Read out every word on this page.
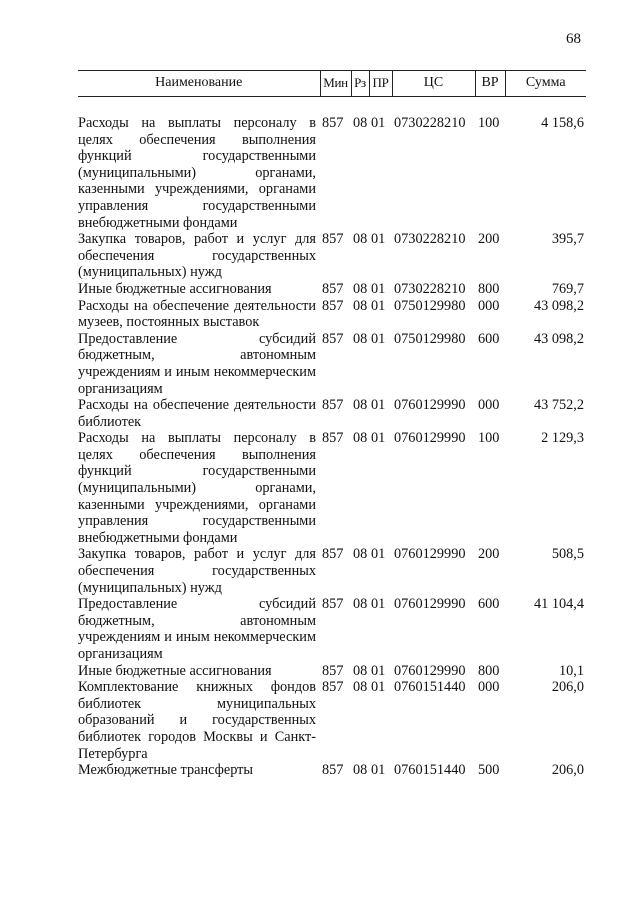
68
Наименование	Мин	Рз	ПР	ЦС	ВР	Сумма

Расходы на выплаты персоналу в целях обеспечения выполнения функций государственными (муниципальными) органами, казенными учреждениями, органами управления государственными внебюджетными фондами	857	08	01	0730228210	100	4 158,6
Закупка товаров, работ и услуг для обеспечения государственных (муниципальных) нужд	857	08	01	0730228210	200	395,7
Иные бюджетные ассигнования	857	08	01	0730228210	800	769,7
Расходы на обеспечение деятельности музеев, постоянных выставок	857	08	01	0750129980	000	43 098,2
Предоставление субсидий бюджетным, автономным учреждениям и иным некоммерческим организациям	857	08	01	0750129980	600	43 098,2
Расходы на обеспечение деятельности библиотек	857	08	01	0760129990	000	43 752,2
Расходы на выплаты персоналу в целях обеспечения выполнения функций государственными (муниципальными) органами, казенными учреждениями, органами управления государственными внебюджетными фондами	857	08	01	0760129990	100	2 129,3
Закупка товаров, работ и услуг для обеспечения государственных (муниципальных) нужд	857	08	01	0760129990	200	508,5
Предоставление субсидий бюджетным, автономным учреждениям и иным некоммерческим организациям	857	08	01	0760129990	600	41 104,4
Иные бюджетные ассигнования	857	08	01	0760129990	800	10,1
Комплектование книжных фондов библиотек муниципальных образований и государственных библиотек городов Москвы и Санкт-Петербурга	857	08	01	0760151440	000	206,0
Межбюджетные трансферты	857	08	01	0760151440	500	206,0
